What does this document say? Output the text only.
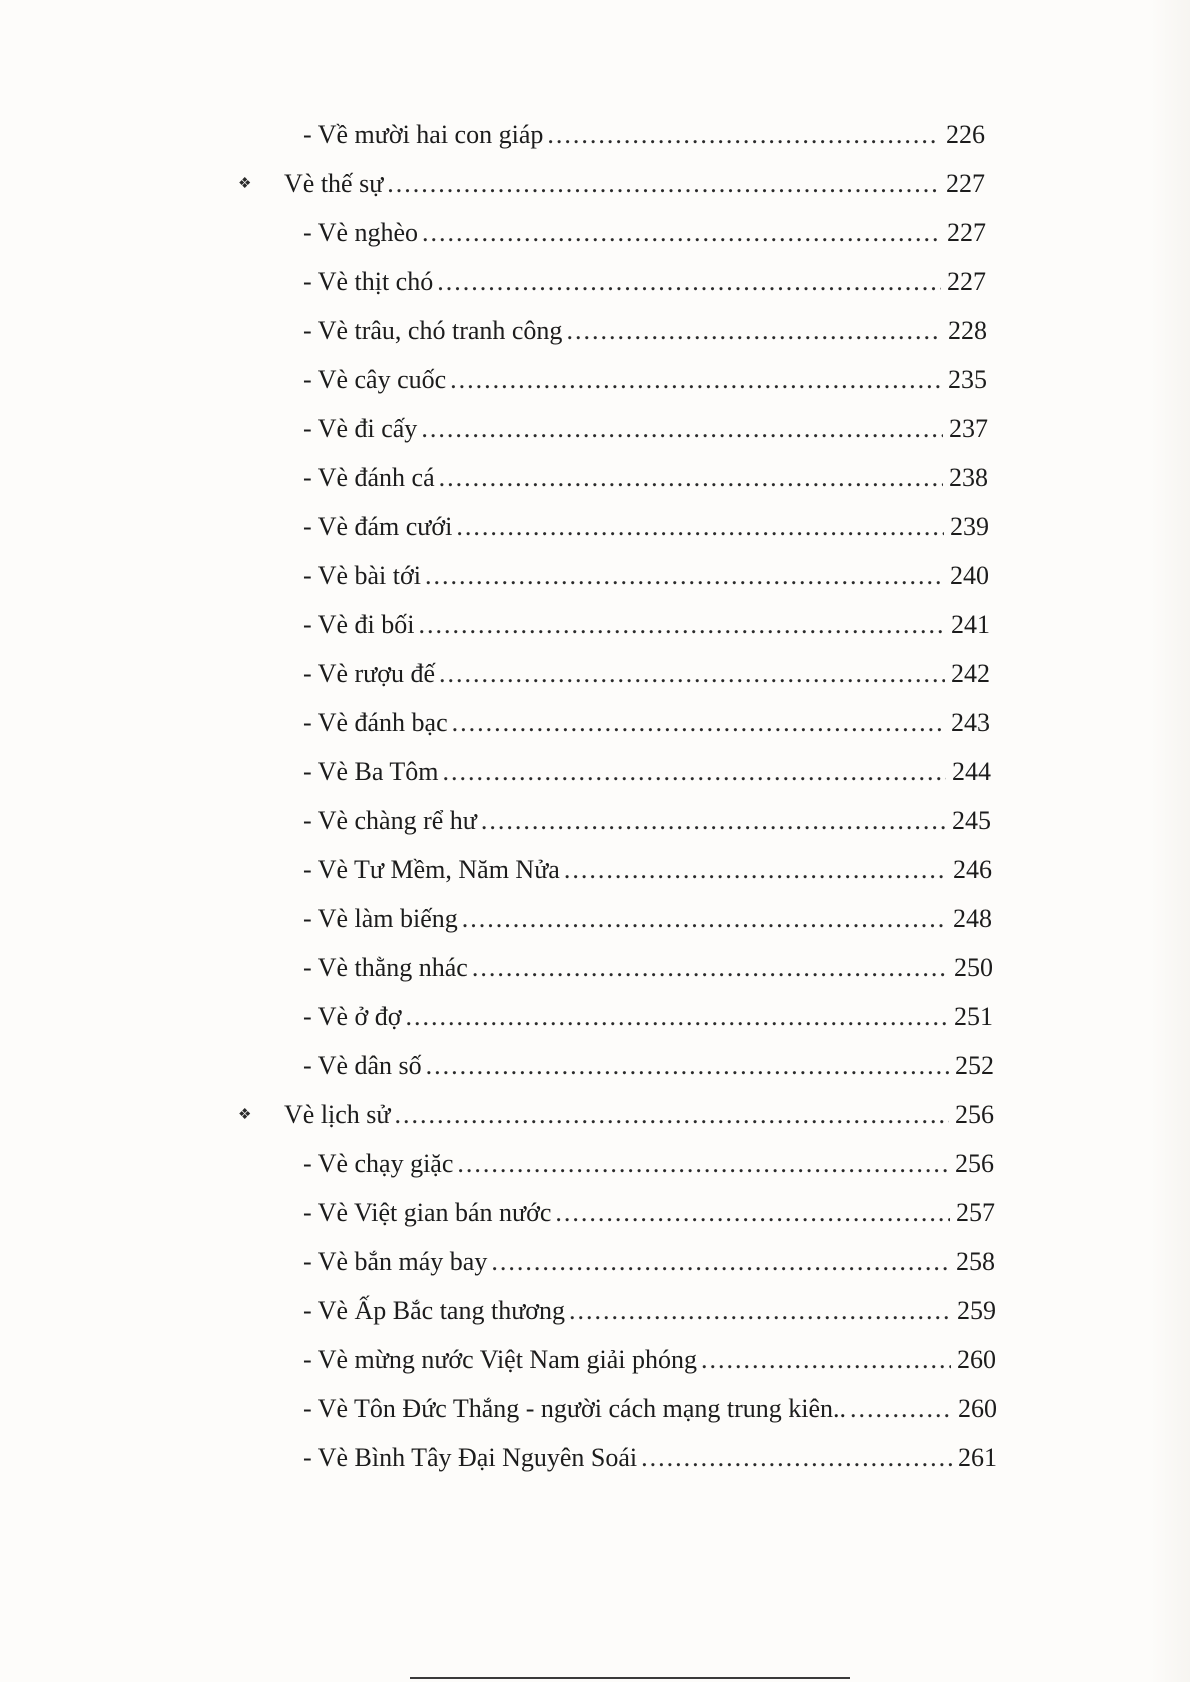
- Về mười hai con giáp .....	226
❖ Vè thế sự .....	227
- Vè nghèo .....	227
- Vè thịt chó .....	227
- Vè trâu, chó tranh công .....	228
- Vè cây cuốc .....	235
- Vè đi cấy .....	237
- Vè đánh cá .....	238
- Vè đám cưới .....	239
- Vè bài tới .....	240
- Vè đi bối .....	241
- Vè rượu đế .....	242
- Vè đánh bạc .....	243
- Vè Ba Tôm .....	244
- Vè chàng rể hư .....	245
- Vè Tư Mềm, Năm Nửa .....	246
- Vè làm biếng .....	248
- Vè thằng nhác .....	250
- Vè ở đợ .....	251
- Vè dân số .....	252
❖ Vè lịch sử .....	256
- Vè chạy giặc .....	256
- Vè Việt gian bán nước .....	257
- Vè bắn máy bay .....	258
- Vè Ấp Bắc tang thương .....	259
- Vè mừng nước Việt Nam giải phóng .....	260
- Vè Tôn Đức Thắng - người cách mạng trung kiên.. .....	260
- Vè Bình Tây Đại Nguyên Soái .....	261
